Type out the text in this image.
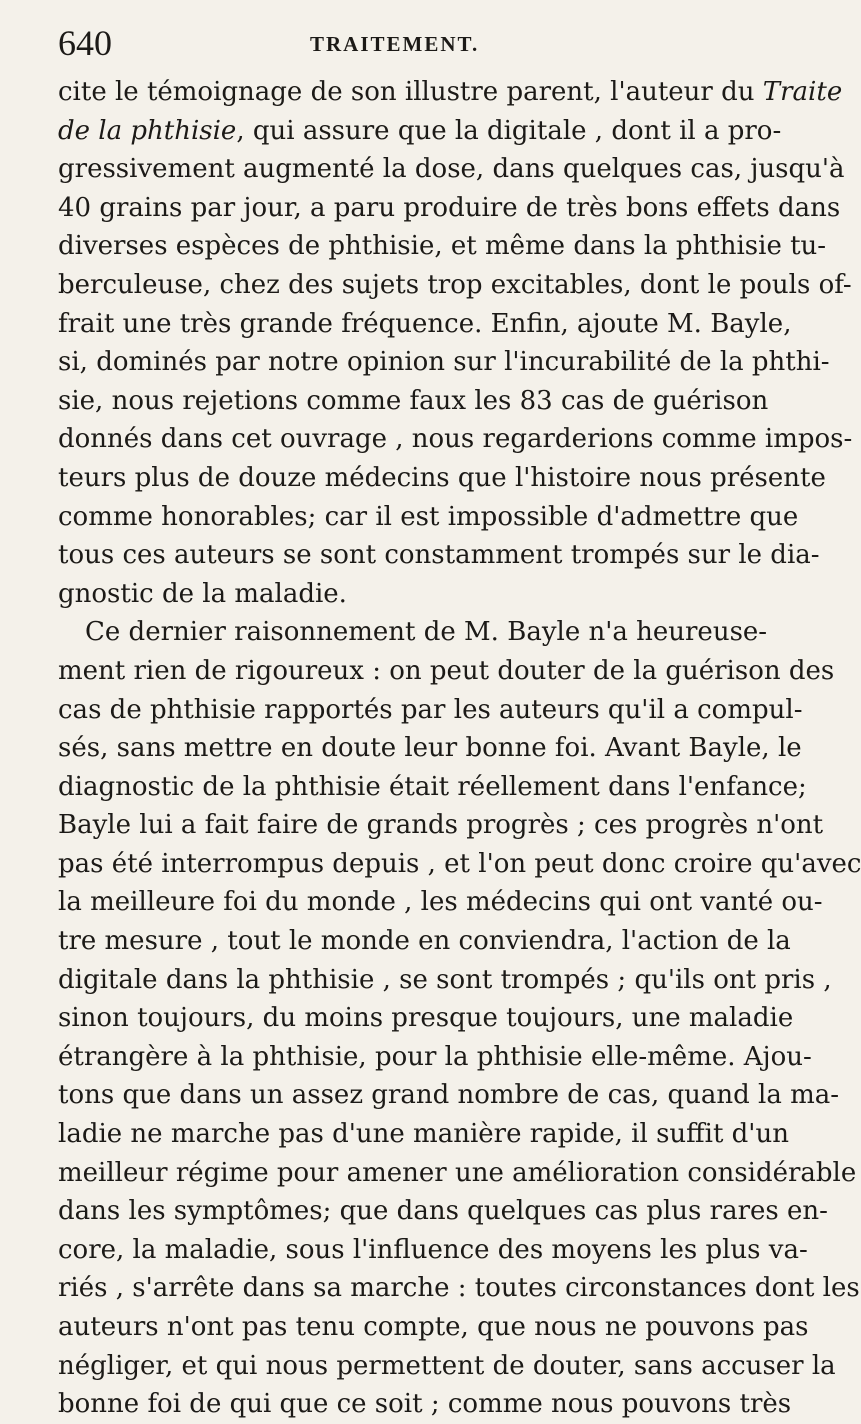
640	TRAITEMENT.
cite le témoignage de son illustre parent, l'auteur du Traite
de la phthisie, qui assure que la digitale , dont il a pro-
gressivement augmenté la dose, dans quelques cas, jusqu'à
40 grains par jour, a paru produire de très bons effets dans
diverses espèces de phthisie, et même dans la phthisie tu-
berculeuse, chez des sujets trop excitables, dont le pouls of-
frait une très grande fréquence. Enfin, ajoute M. Bayle,
si, dominés par notre opinion sur l'incurabilité de la phthi-
sie, nous rejetions comme faux les 83 cas de guérison
donnés dans cet ouvrage , nous regarderions comme impos-
teurs plus de douze médecins que l'histoire nous présente
comme honorables; car il est impossible d'admettre que
tous ces auteurs se sont constamment trompés sur le dia-
gnostic de la maladie.
Ce dernier raisonnement de M. Bayle n'a heureuse-
ment rien de rigoureux : on peut douter de la guérison des
cas de phthisie rapportés par les auteurs qu'il a compul-
sés, sans mettre en doute leur bonne foi. Avant Bayle, le
diagnostic de la phthisie était réellement dans l'enfance;
Bayle lui a fait faire de grands progrès ; ces progrès n'ont
pas été interrompus depuis , et l'on peut donc croire qu'avec
la meilleure foi du monde , les médecins qui ont vanté ou-
tre mesure , tout le monde en conviendra, l'action de la
digitale dans la phthisie , se sont trompés ; qu'ils ont pris ,
sinon toujours, du moins presque toujours, une maladie
étrangère à la phthisie, pour la phthisie elle-même. Ajou-
tons que dans un assez grand nombre de cas, quand la ma-
ladie ne marche pas d'une manière rapide, il suffit d'un
meilleur régime pour amener une amélioration considérable
dans les symptômes; que dans quelques cas plus rares en-
core, la maladie, sous l'influence des moyens les plus va-
riés , s'arrête dans sa marche : toutes circonstances dont les
auteurs n'ont pas tenu compte, que nous ne pouvons pas
négliger, et qui nous permettent de douter, sans accuser la
bonne foi de qui que ce soit ; comme nous pouvons très
